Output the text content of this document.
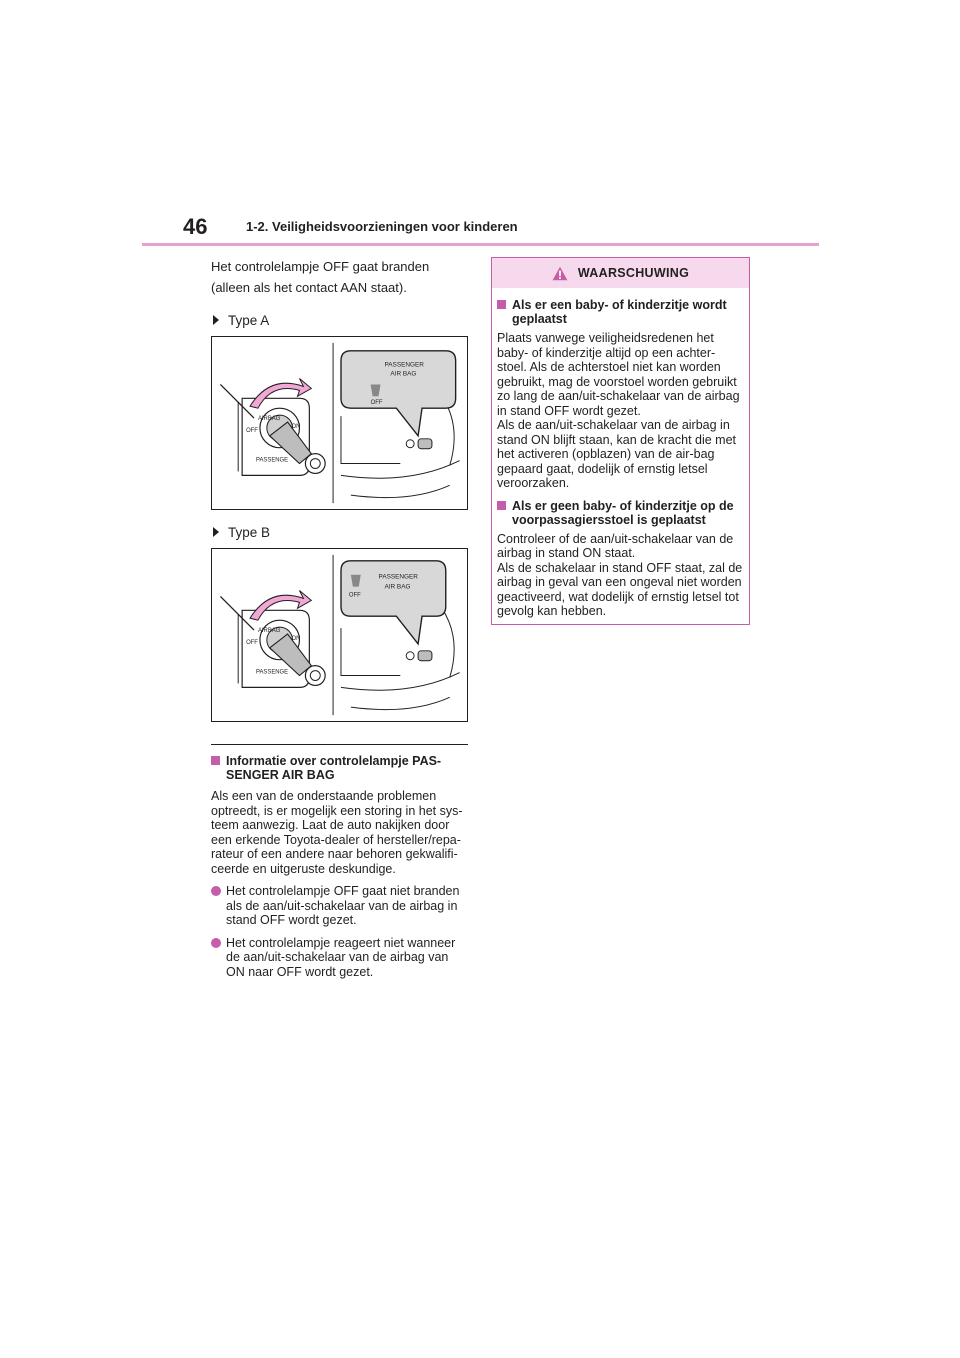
46	1-2. Veiligheidsvoorzieningen voor kinderen

Het controlelampje OFF gaat branden (alleen als het contact AAN staat).

Type A
AIRBAG
OFF
ON
PASSENGE
PASSENGER
AIR BAG
OFF
Type B
AIRBAG
OFF
ON
PASSENGE
OFF
PASSENGER
AIR BAG
Informatie over controlelampje PAS-SENGER AIR BAG

Als een van de onderstaande problemen optreedt, is er mogelijk een storing in het sys-teem aanwezig. Laat de auto nakijken door een erkende Toyota-dealer of hersteller/repa-rateur of een andere naar behoren gekwalifi-ceerde en uitgeruste deskundige.

Het controlelampje OFF gaat niet branden als de aan/uit-schakelaar van de airbag in stand OFF wordt gezet.
Het controlelampje reageert niet wanneer de aan/uit-schakelaar van de airbag van ON naar OFF wordt gezet.
WAARSCHUWING
Als er een baby- of kinderzitje wordt geplaatst

Plaats vanwege veiligheidsredenen het baby- of kinderzitje altijd op een achter-stoel. Als de achterstoel niet kan worden gebruikt, mag de voorstoel worden gebruikt zo lang de aan/uit-schakelaar van de airbag in stand OFF wordt gezet.

Als de aan/uit-schakelaar van de airbag in stand ON blijft staan, kan de kracht die met het activeren (opblazen) van de air-bag gepaard gaat, dodelijk of ernstig letsel veroorzaken.

Als er geen baby- of kinderzitje op de voorpassagiersstoel is geplaatst

Controleer of de aan/uit-schakelaar van de airbag in stand ON staat.

Als de schakelaar in stand OFF staat, zal de airbag in geval van een ongeval niet worden geactiveerd, wat dodelijk of ernstig letsel tot gevolg kan hebben.
